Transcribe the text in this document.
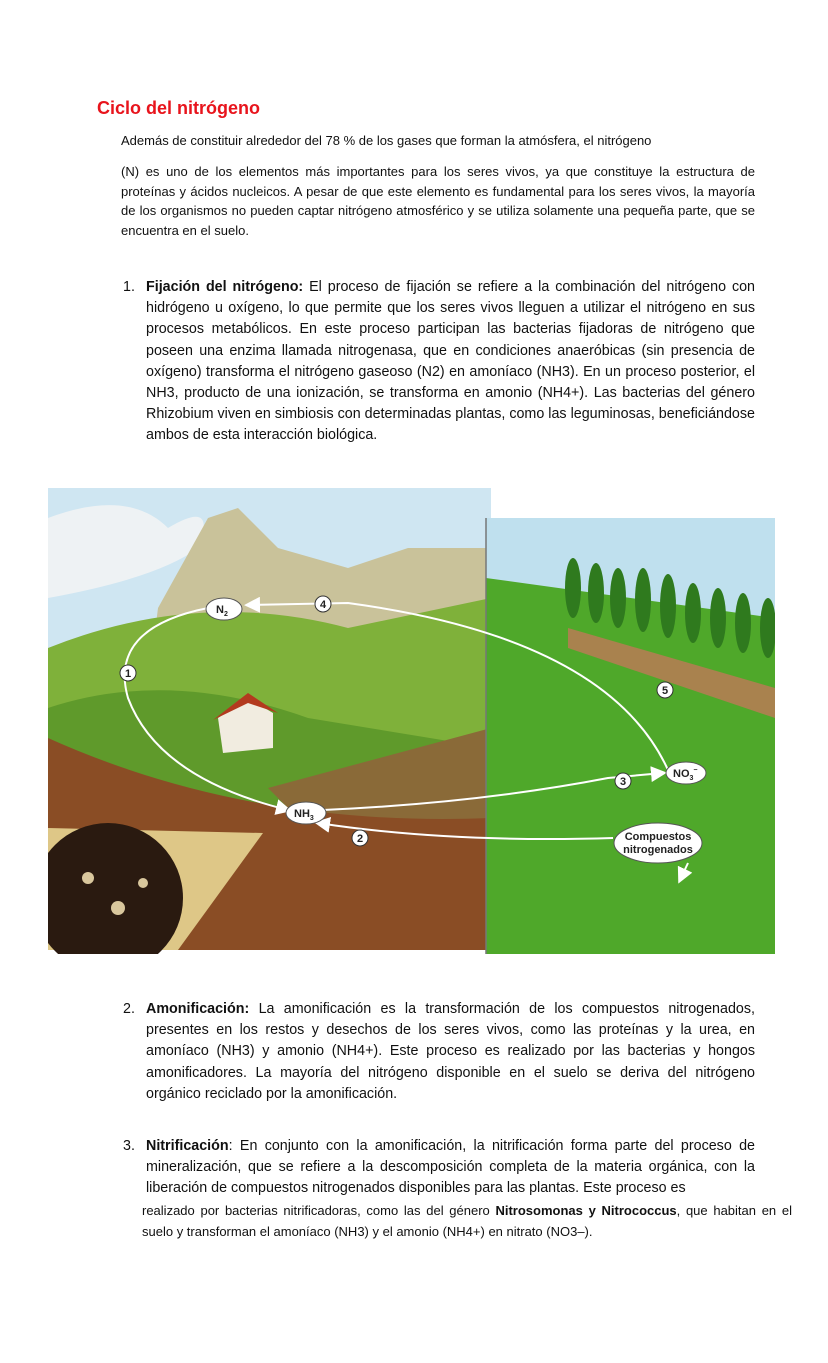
Ciclo del nitrógeno
Además de constituir alrededor del 78 % de los gases que forman la atmósfera, el nitrógeno
(N) es uno de los elementos más importantes para los seres vivos, ya que constituye la estructura de proteínas y ácidos nucleicos. A pesar de que este elemento es fundamental para los seres vivos, la mayoría de los organismos no pueden captar nitrógeno atmosférico y se utiliza solamente una pequeña parte, que se encuentra en el suelo.
1. Fijación del nitrógeno: El proceso de fijación se refiere a la combinación del nitrógeno con hidrógeno u oxígeno, lo que permite que los seres vivos lleguen a utilizar el nitrógeno en sus procesos metabólicos. En este proceso participan las bacterias fijadoras de nitrógeno que poseen una enzima llamada nitrogenasa, que en condiciones anaeróbicas (sin presencia de oxígeno) transforma el nitrógeno gaseoso (N2) en amoníaco (NH3). En un proceso posterior, el NH3, producto de una ionización, se transforma en amonio (NH4+). Las bacterias del género Rhizobium viven en simbiosis con determinadas plantas, como las leguminosas, beneficiándose ambos de esta interacción biológica.
$N_2$
$NH_3$
$NO_3^-$
Compuestos
nitrogenados
1
2
3
4
5
2. Amonificación: La amonificación es la transformación de los compuestos nitrogenados, presentes en los restos y desechos de los seres vivos, como las proteínas y la urea, en amoníaco (NH3) y amonio (NH4+). Este proceso es realizado por las bacterias y hongos amonificadores. La mayoría del nitrógeno disponible en el suelo se deriva del nitrógeno orgánico reciclado por la amonificación.
3. Nitrificación: En conjunto con la amonificación, la nitrificación forma parte del proceso de mineralización, que se refiere a la descomposición completa de la materia orgánica, con la liberación de compuestos nitrogenados disponibles para las plantas. Este proceso es
realizado por bacterias nitrificadoras, como las del género Nitrosomonas y Nitrococcus, que habitan en el suelo y transforman el amoníaco (NH3) y el amonio (NH4+) en nitrato (NO3–).
